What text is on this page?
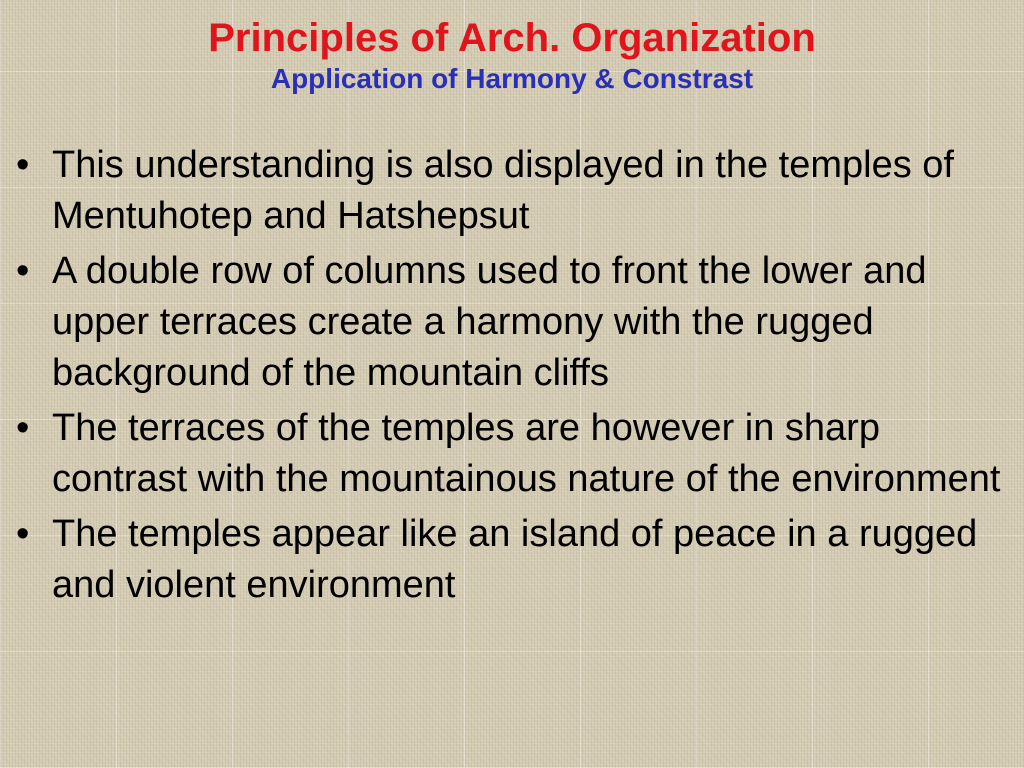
Principles of Arch. Organization
Application of Harmony & Constrast
• This understanding is also displayed in the temples of Mentuhotep and Hatshepsut
• A double row of columns used to front the lower and upper terraces create a harmony with the rugged background of the mountain cliffs
• The terraces of the temples are however in sharp contrast with the mountainous nature of the environment
• The temples appear like an island of peace in a rugged and violent environment
